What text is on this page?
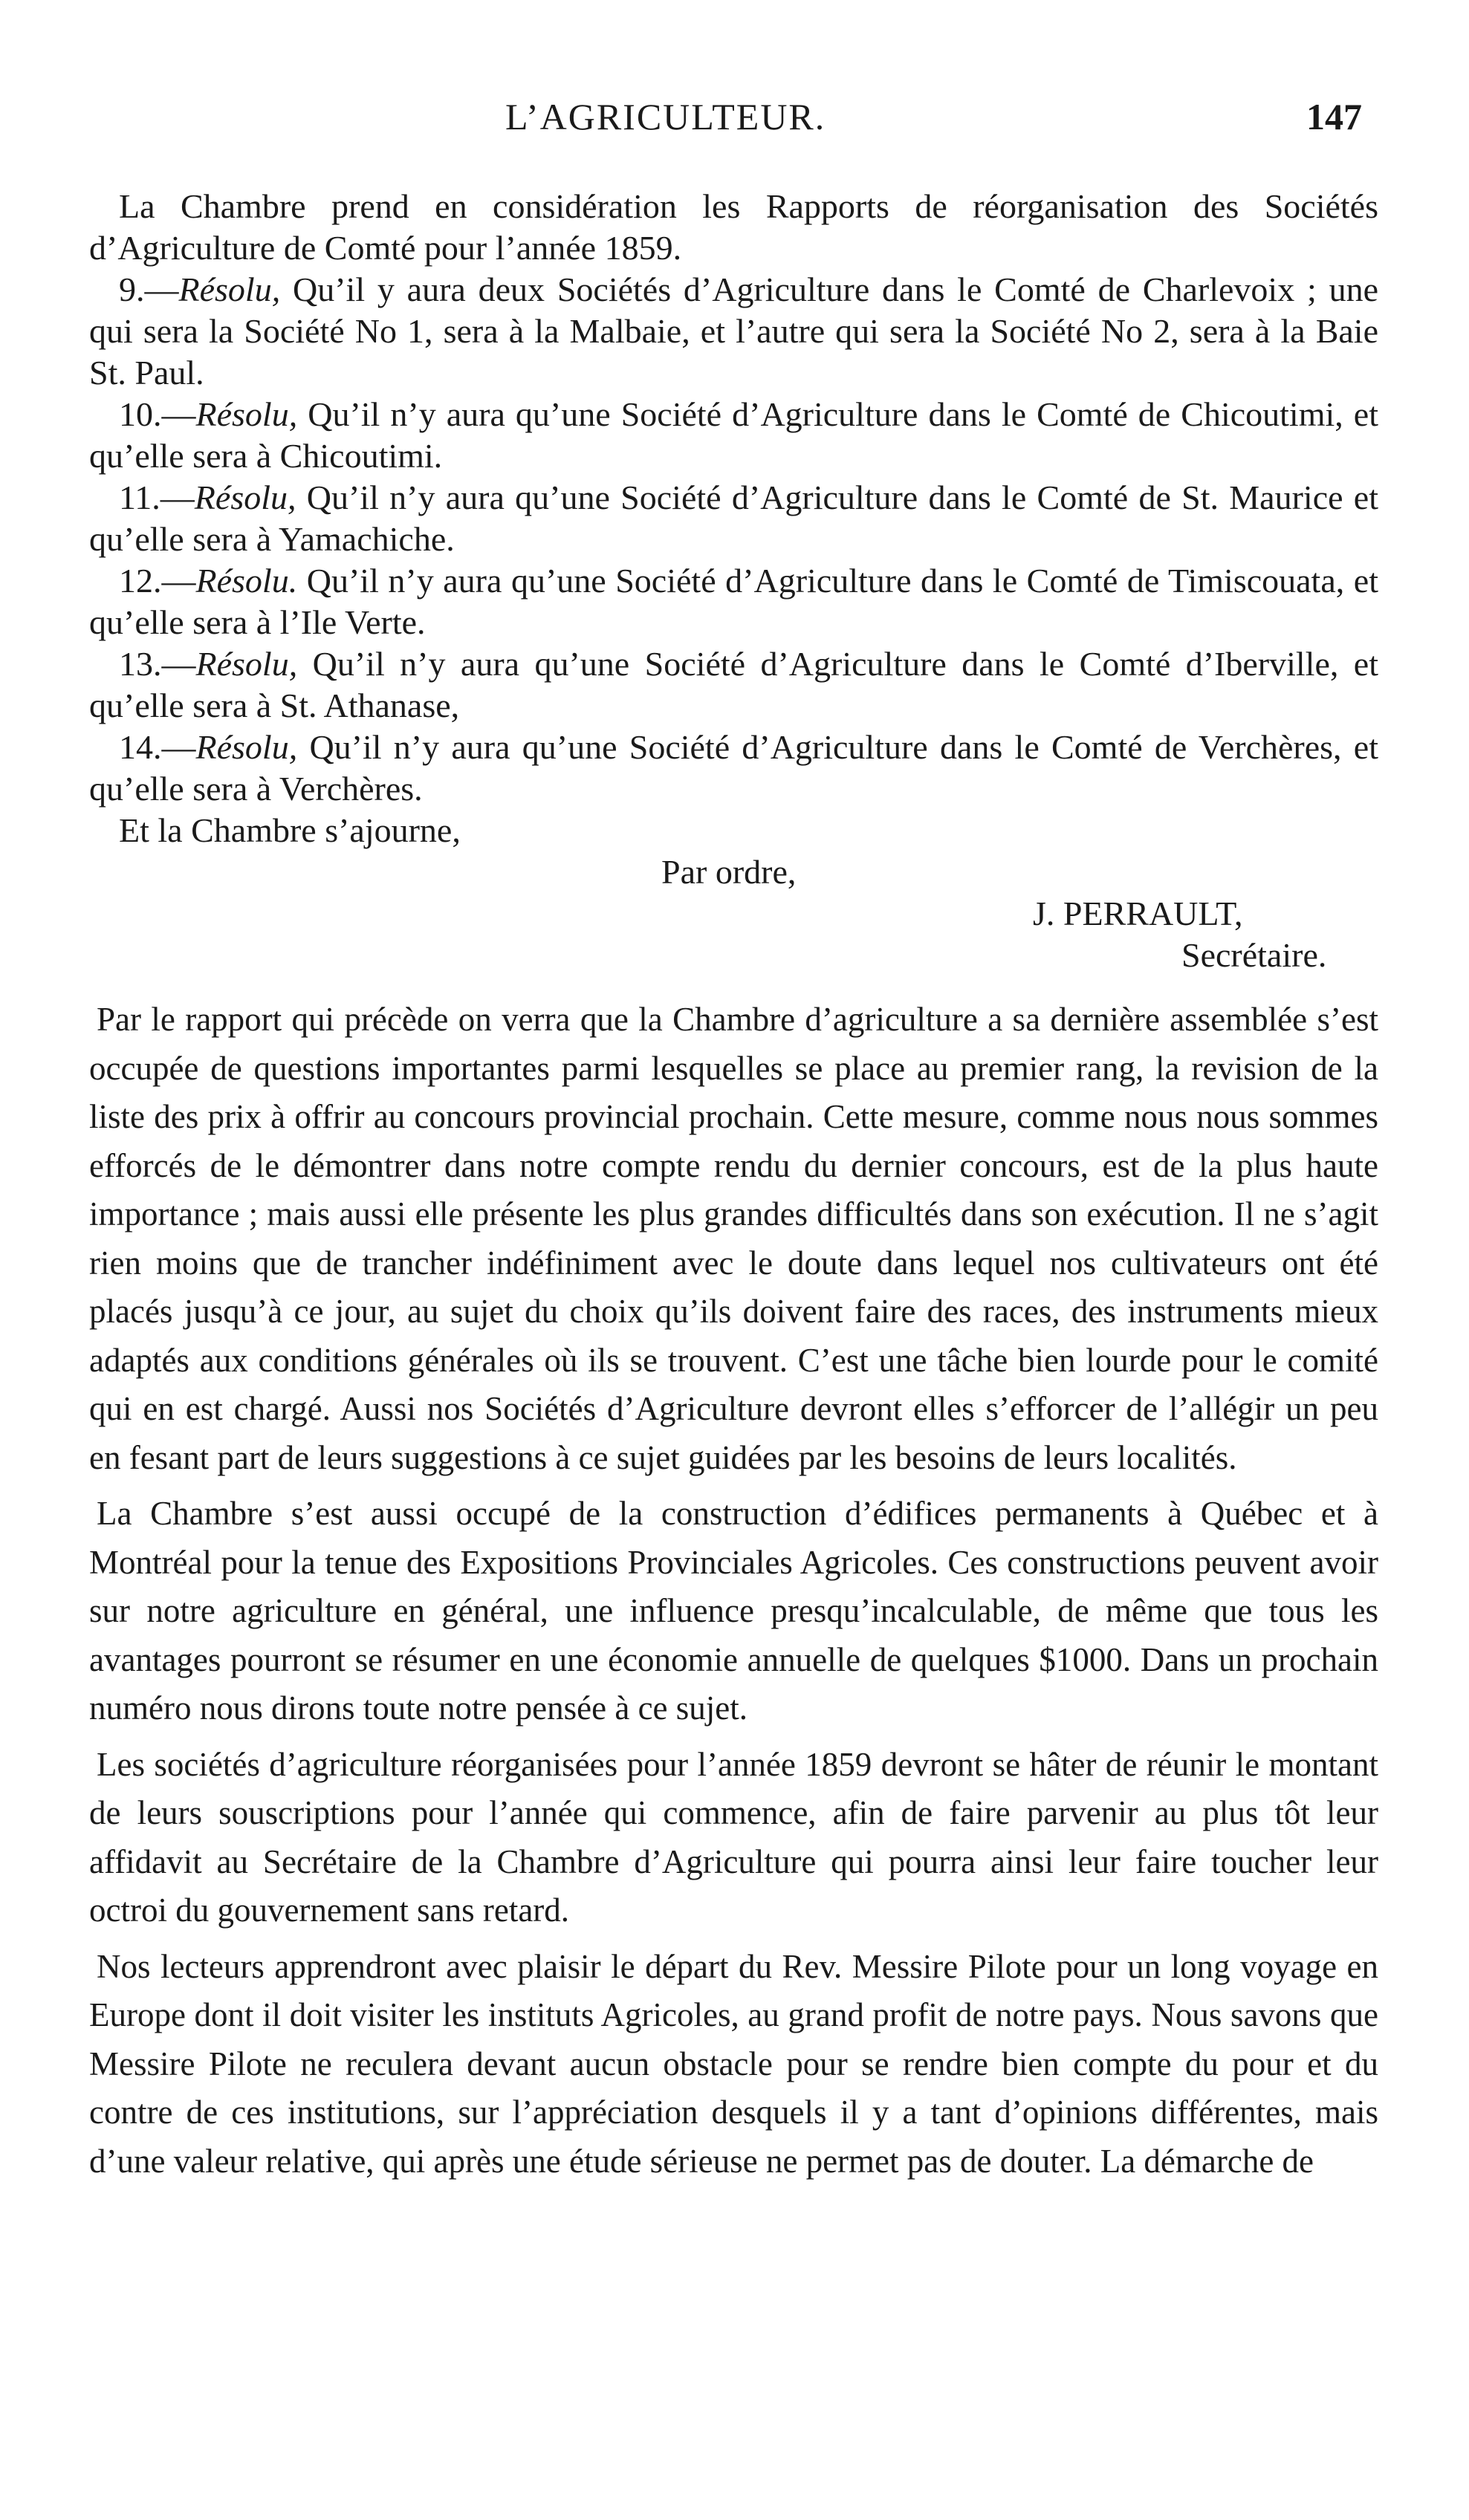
L’AGRICULTEUR.	147

La Chambre prend en considération les Rapports de réorganisation des Sociétés d’Agriculture de Comté pour l’année 1859.

9.—Résolu, Qu’il y aura deux Sociétés d’Agriculture dans le Comté de Charlevoix ; une qui sera la Société No 1, sera à la Malbaie, et l’autre qui sera la Société No 2, sera à la Baie St. Paul.

10.—Résolu, Qu’il n’y aura qu’une Société d’Agriculture dans le Comté de Chicoutimi, et qu’elle sera à Chicoutimi.

11.—Résolu, Qu’il n’y aura qu’une Société d’Agriculture dans le Comté de St. Maurice et qu’elle sera à Yamachiche.

12.—Résolu. Qu’il n’y aura qu’une Société d’Agriculture dans le Comté de Timiscouata, et qu’elle sera à l’Ile Verte.

13.—Résolu, Qu’il n’y aura qu’une Société d’Agriculture dans le Comté d’Iberville, et qu’elle sera à St. Athanase,

14.—Résolu, Qu’il n’y aura qu’une Société d’Agriculture dans le Comté de Verchères, et qu’elle sera à Verchères.

Et la Chambre s’ajourne,

Par ordre,

J. PERRAULT,

Secrétaire.

Par le rapport qui précède on verra que la Chambre d’agriculture a sa dernière assemblée s’est occupée de questions importantes parmi lesquelles se place au premier rang, la revision de la liste des prix à offrir au concours provincial prochain. Cette mesure, comme nous nous sommes efforcés de le démontrer dans notre compte rendu du dernier concours, est de la plus haute importance ; mais aussi elle présente les plus grandes difficultés dans son exécution. Il ne s’agit rien moins que de trancher indéfiniment avec le doute dans lequel nos cultivateurs ont été placés jusqu’à ce jour, au sujet du choix qu’ils doivent faire des races, des instruments mieux adaptés aux conditions générales où ils se trouvent. C’est une tâche bien lourde pour le comité qui en est chargé. Aussi nos Sociétés d’Agriculture devront elles s’efforcer de l’allégir un peu en fesant part de leurs suggestions à ce sujet guidées par les besoins de leurs localités.

La Chambre s’est aussi occupé de la construction d’édifices permanents à Québec et à Montréal pour la tenue des Expositions Provinciales Agricoles. Ces constructions peuvent avoir sur notre agriculture en général, une influence presqu’incalculable, de même que tous les avantages pourront se résumer en une économie annuelle de quelques $1000. Dans un prochain numéro nous dirons toute notre pensée à ce sujet.

Les sociétés d’agriculture réorganisées pour l’année 1859 devront se hâter de réunir le montant de leurs souscriptions pour l’année qui commence, afin de faire parvenir au plus tôt leur affidavit au Secrétaire de la Chambre d’Agriculture qui pourra ainsi leur faire toucher leur octroi du gouvernement sans retard.

Nos lecteurs apprendront avec plaisir le départ du Rev. Messire Pilote pour un long voyage en Europe dont il doit visiter les instituts Agricoles, au grand profit de notre pays. Nous savons que Messire Pilote ne reculera devant aucun obstacle pour se rendre bien compte du pour et du contre de ces institutions, sur l’appréciation desquels il y a tant d’opinions différentes, mais d’une valeur relative, qui après une étude sérieuse ne permet pas de douter. La démarche de
